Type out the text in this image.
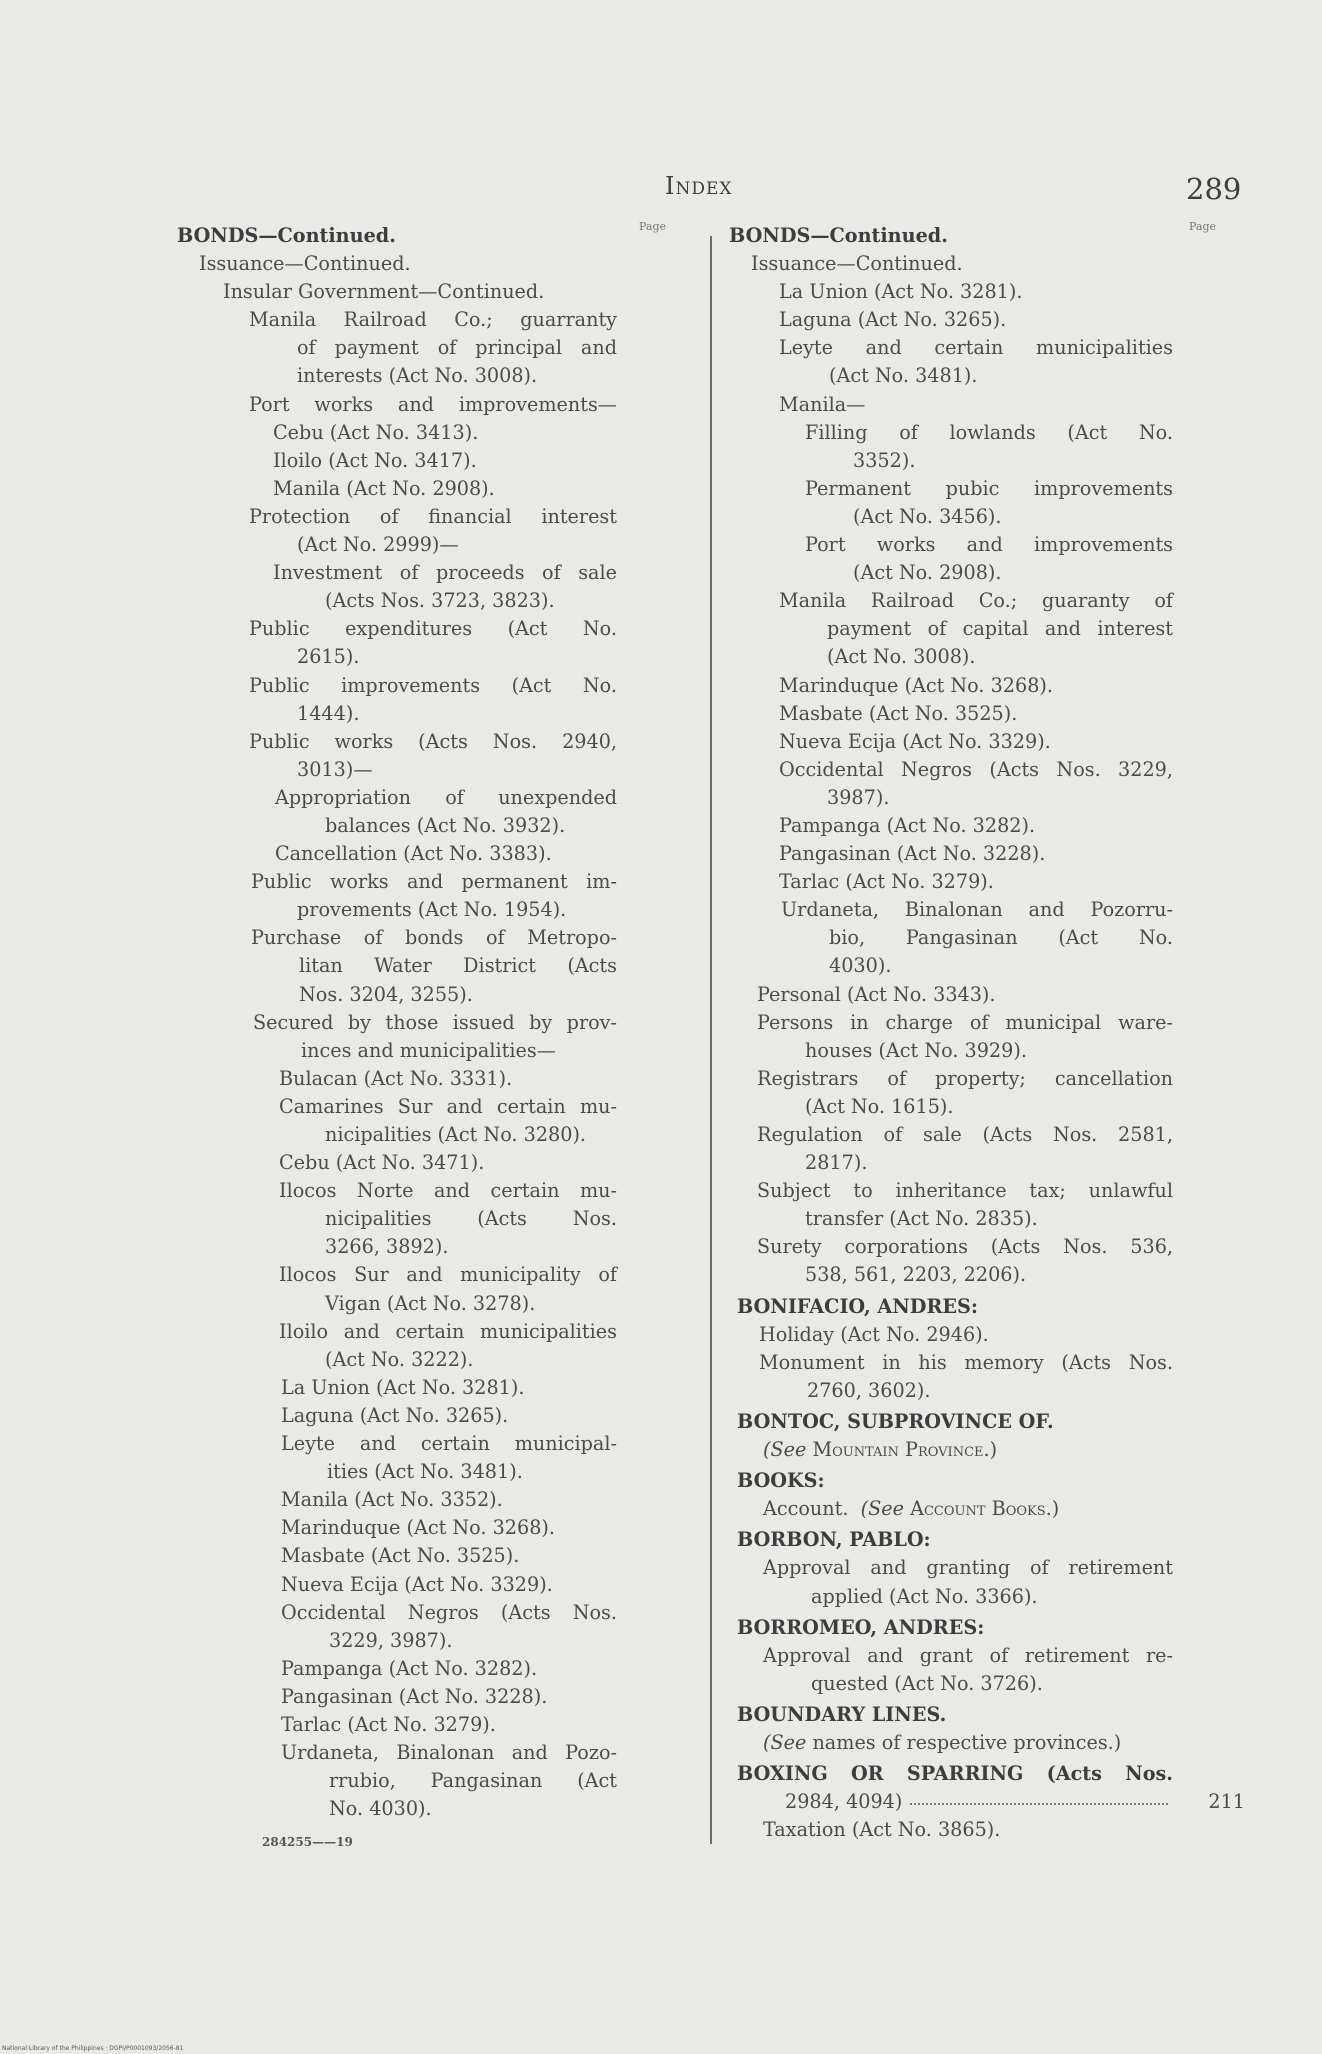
Index	289
Page
BONDS—Continued.
Issuance—Continued.
Insular Government—Continued.
Manila Railroad Co.; guarranty
of payment of principal and
interests (Act No. 3008).
Port works and improvements—
Cebu (Act No. 3413).
Iloilo (Act No. 3417).
Manila (Act No. 2908).
Protection of financial interest
(Act No. 2999)—
Investment of proceeds of sale
(Acts Nos. 3723, 3823).
Public expenditures (Act No.
2615).
Public improvements (Act No.
1444).
Public works (Acts Nos. 2940,
3013)—
Appropriation of unexpended
balances (Act No. 3932).
Cancellation (Act No. 3383).
Public works and permanent im-
provements (Act No. 1954).
Purchase of bonds of Metropo-
litan Water District (Acts
Nos. 3204, 3255).
Secured by those issued by prov-
inces and municipalities—
Bulacan (Act No. 3331).
Camarines Sur and certain mu-
nicipalities (Act No. 3280).
Cebu (Act No. 3471).
Ilocos Norte and certain mu-
nicipalities (Acts Nos.
3266, 3892).
Ilocos Sur and municipality of
Vigan (Act No. 3278).
Iloilo and certain municipalities
(Act No. 3222).
La Union (Act No. 3281).
Laguna (Act No. 3265).
Leyte and certain municipal-
ities (Act No. 3481).
Manila (Act No. 3352).
Marinduque (Act No. 3268).
Masbate (Act No. 3525).
Nueva Ecija (Act No. 3329).
Occidental Negros (Acts Nos.
3229, 3987).
Pampanga (Act No. 3282).
Pangasinan (Act No. 3228).
Tarlac (Act No. 3279).
Urdaneta, Binalonan and Pozo-
rrubio, Pangasinan (Act
No. 4030).
284255——19
Page
BONDS—Continued.
Issuance—Continued.
La Union (Act No. 3281).
Laguna (Act No. 3265).
Leyte and certain municipalities
(Act No. 3481).
Manila—
Filling of lowlands (Act No.
3352).
Permanent pubic improvements
(Act No. 3456).
Port works and improvements
(Act No. 2908).
Manila Railroad Co.; guaranty of
payment of capital and interest
(Act No. 3008).
Marinduque (Act No. 3268).
Masbate (Act No. 3525).
Nueva Ecija (Act No. 3329).
Occidental Negros (Acts Nos. 3229,
3987).
Pampanga (Act No. 3282).
Pangasinan (Act No. 3228).
Tarlac (Act No. 3279).
Urdaneta, Binalonan and Pozorru-
bio, Pangasinan (Act No.
4030).
Personal (Act No. 3343).
Persons in charge of municipal ware-
houses (Act No. 3929).
Registrars of property; cancellation
(Act No. 1615).
Regulation of sale (Acts Nos. 2581,
2817).
Subject to inheritance tax; unlawful
transfer (Act No. 2835).
Surety corporations (Acts Nos. 536,
538, 561, 2203, 2206).
BONIFACIO, ANDRES:
Holiday (Act No. 2946).
Monument in his memory (Acts Nos.
2760, 3602).
BONTOC, SUBPROVINCE OF.
(See Mountain Province.)
BOOKS:
Account. (See Account Books.)
BORBON, PABLO:
Approval and granting of retirement
applied (Act No. 3366).
BORROMEO, ANDRES:
Approval and grant of retirement re-
quested (Act No. 3726).
BOUNDARY LINES.
(See names of respective provinces.)
BOXING OR SPARRING (Acts Nos.
2984, 4094)	211
Taxation (Act No. 3865).
National Library of the Philippines · DGPI/P0001093/2056-81
